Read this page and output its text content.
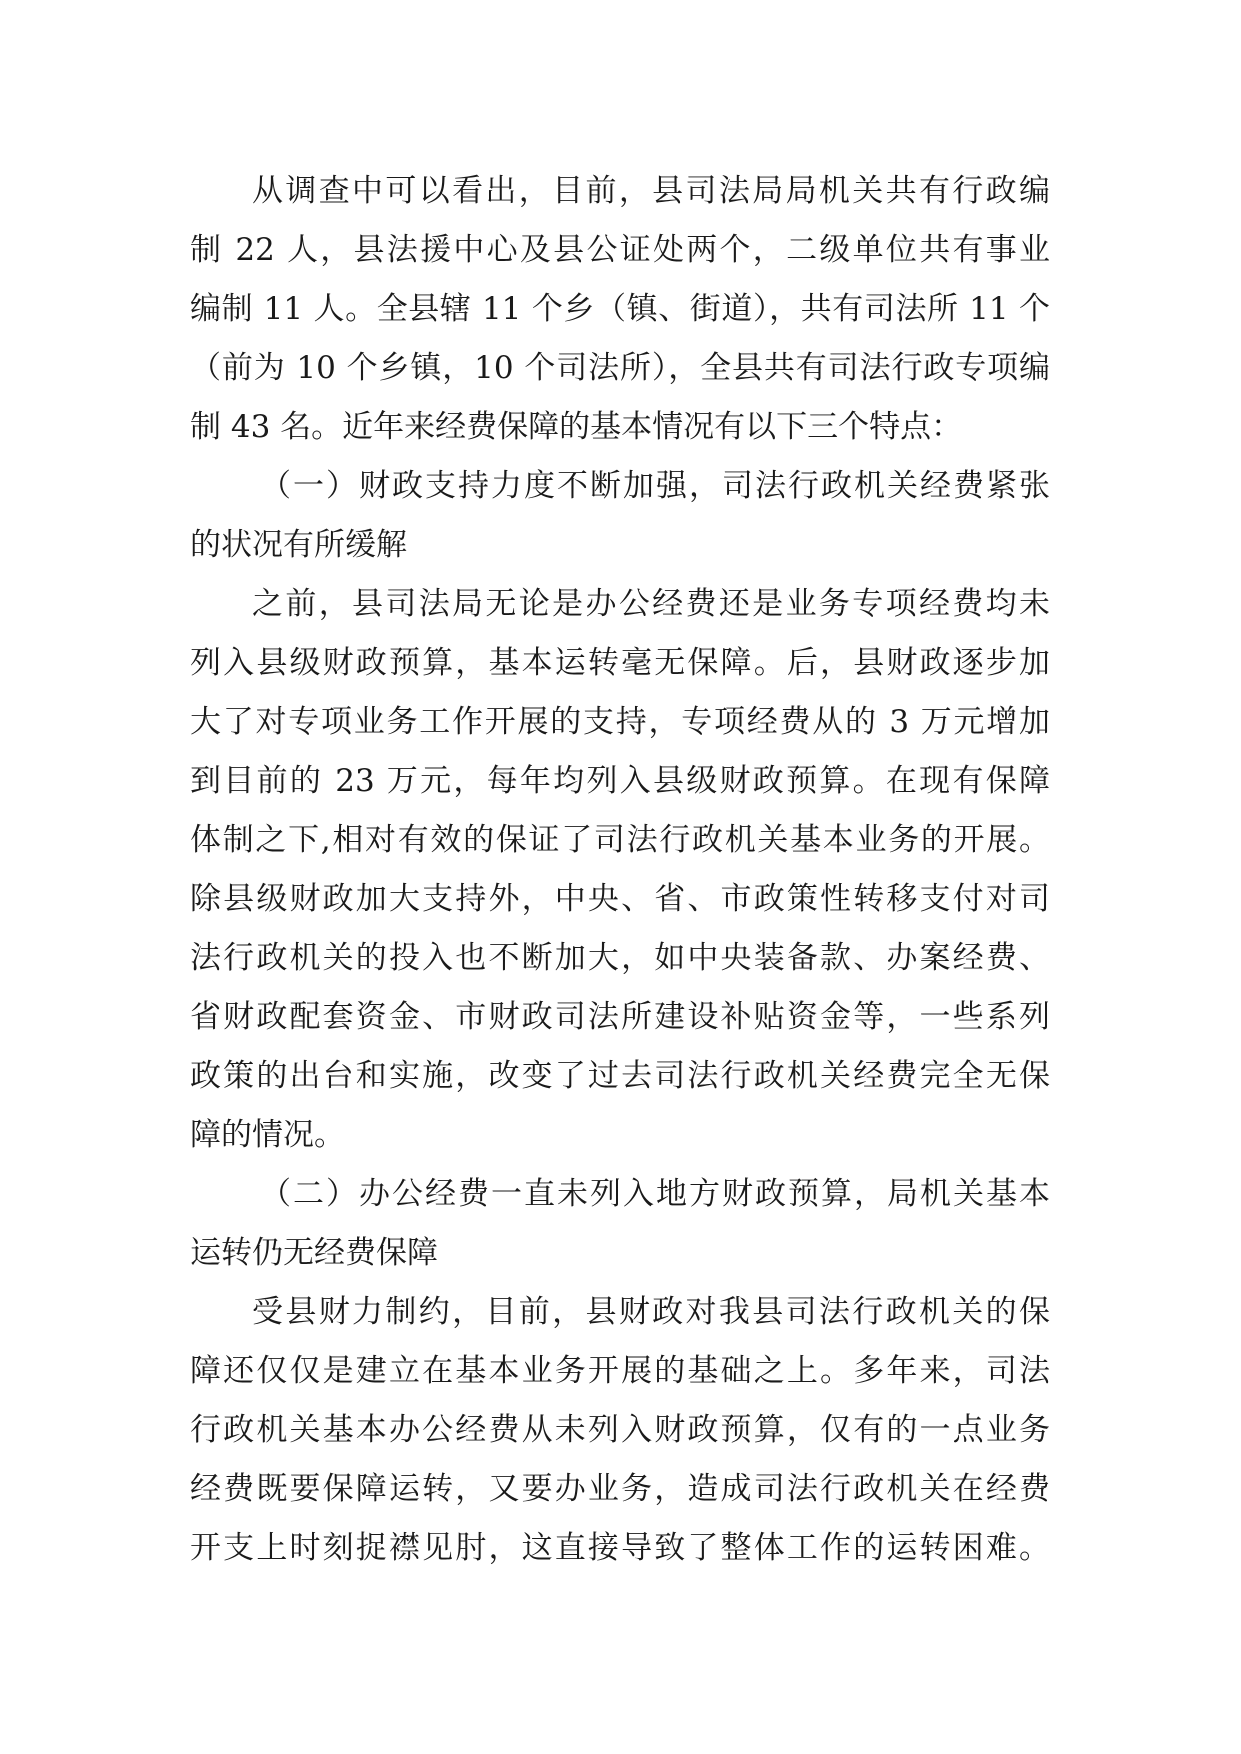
从调查中可以看出，目前，县司法局局机关共有行政编
制 22 人，县法援中心及县公证处两个，二级单位共有事业
编制 11 人。全县辖 11 个乡（镇、街道），共有司法所 11 个
（前为 10 个乡镇，10 个司法所），全县共有司法行政专项编
制 43 名。近年来经费保障的基本情况有以下三个特点：
（一）财政支持力度不断加强，司法行政机关经费紧张
的状况有所缓解
之前，县司法局无论是办公经费还是业务专项经费均未
列入县级财政预算，基本运转毫无保障。后，县财政逐步加
大了对专项业务工作开展的支持，专项经费从的 3 万元增加
到目前的 23 万元，每年均列入县级财政预算。在现有保障
体制之下,相对有效的保证了司法行政机关基本业务的开展。
除县级财政加大支持外，中央、省、市政策性转移支付对司
法行政机关的投入也不断加大，如中央装备款、办案经费、
省财政配套资金、市财政司法所建设补贴资金等，一些系列
政策的出台和实施，改变了过去司法行政机关经费完全无保
障的情况。
（二）办公经费一直未列入地方财政预算，局机关基本
运转仍无经费保障
受县财力制约，目前，县财政对我县司法行政机关的保
障还仅仅是建立在基本业务开展的基础之上。多年来，司法
行政机关基本办公经费从未列入财政预算，仅有的一点业务
经费既要保障运转，又要办业务，造成司法行政机关在经费
开支上时刻捉襟见肘，这直接导致了整体工作的运转困难。
